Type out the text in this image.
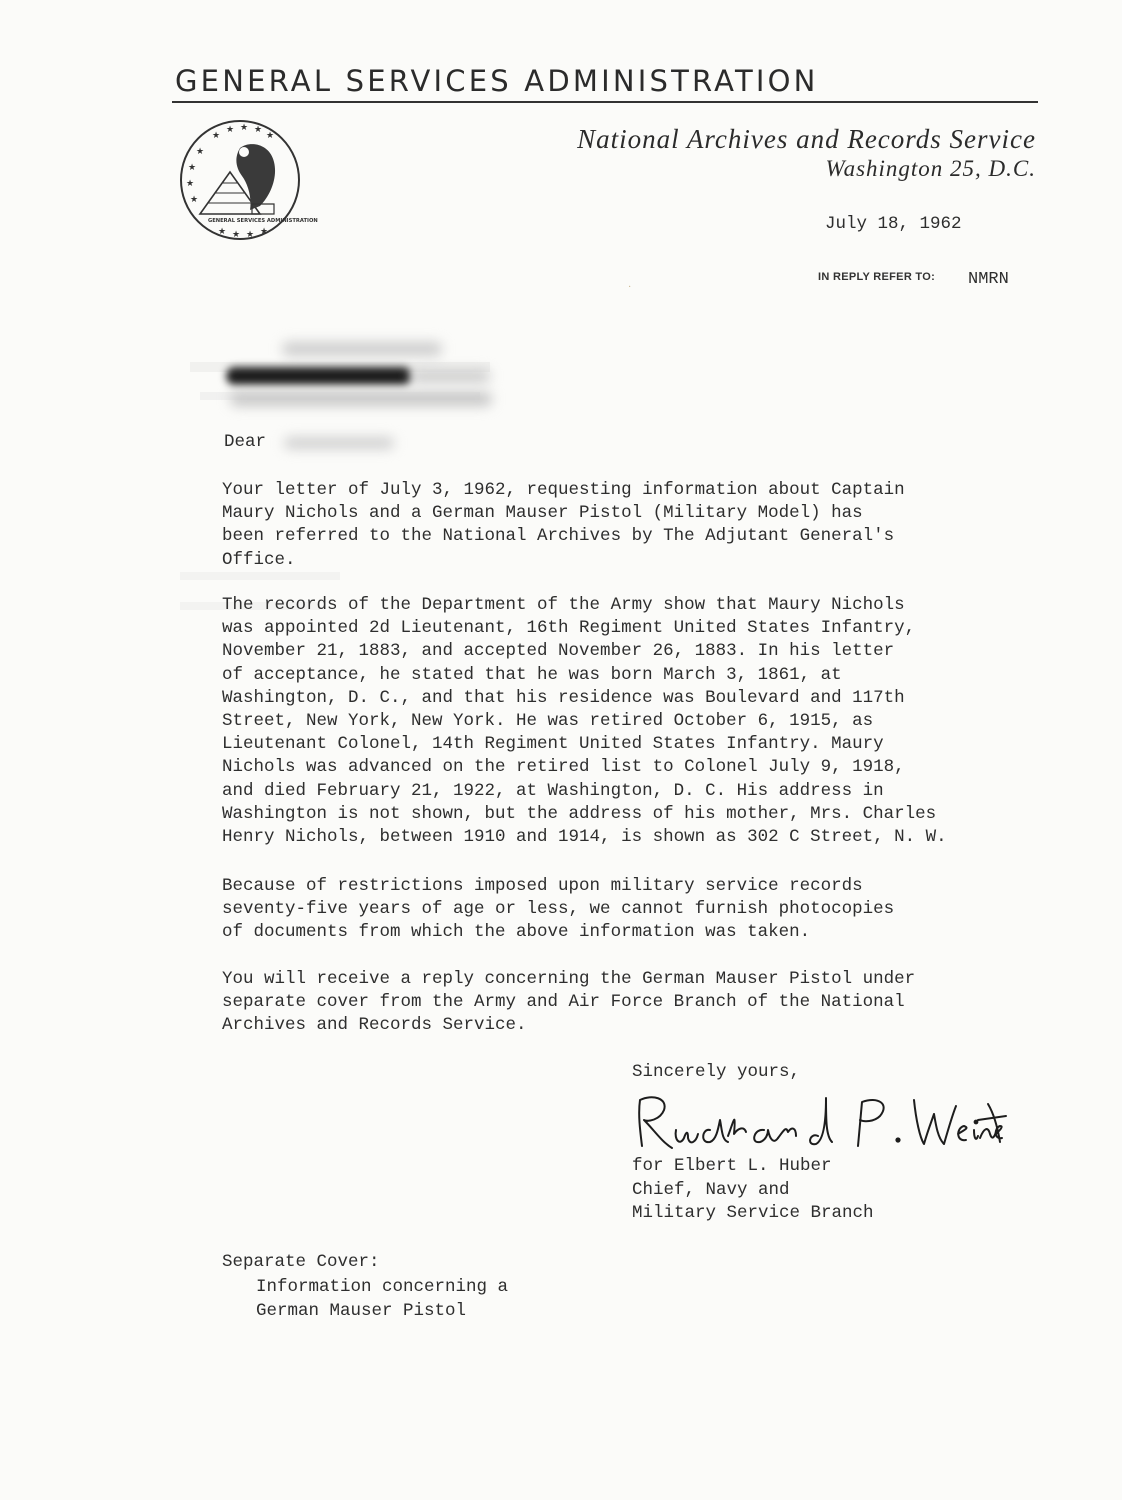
GENERAL SERVICES ADMINISTRATION
★
★ ★ ★
★
★
★
★
★
★ ★ ★ ★
GENERAL SERVICES ADMINISTRATION
National Archives and Records Service
Washington 25, D.C.
July 18, 1962
IN REPLY REFER TO: NMRN
Dear

Your letter of July 3, 1962, requesting information about Captain
Maury Nichols and a German Mauser Pistol (Military Model) has
been referred to the National Archives by The Adjutant General's
Office.

The records of the Department of the Army show that Maury Nichols
was appointed 2d Lieutenant, 16th Regiment United States Infantry,
November 21, 1883, and accepted November 26, 1883. In his letter
of acceptance, he stated that he was born March 3, 1861, at
Washington, D. C., and that his residence was Boulevard and 117th
Street, New York, New York. He was retired October 6, 1915, as
Lieutenant Colonel, 14th Regiment United States Infantry. Maury
Nichols was advanced on the retired list to Colonel July 9, 1918,
and died February 21, 1922, at Washington, D. C. His address in
Washington is not shown, but the address of his mother, Mrs. Charles
Henry Nichols, between 1910 and 1914, is shown as 302 C Street, N. W.

Because of restrictions imposed upon military service records
seventy-five years of age or less, we cannot furnish photocopies
of documents from which the above information was taken.

You will receive a reply concerning the German Mauser Pistol under
separate cover from the Army and Air Force Branch of the National
Archives and Records Service.

Sincerely yours,
for Elbert L. Huber
Chief, Navy and
Military Service Branch
Separate Cover:
Information concerning a
German Mauser Pistol
·
